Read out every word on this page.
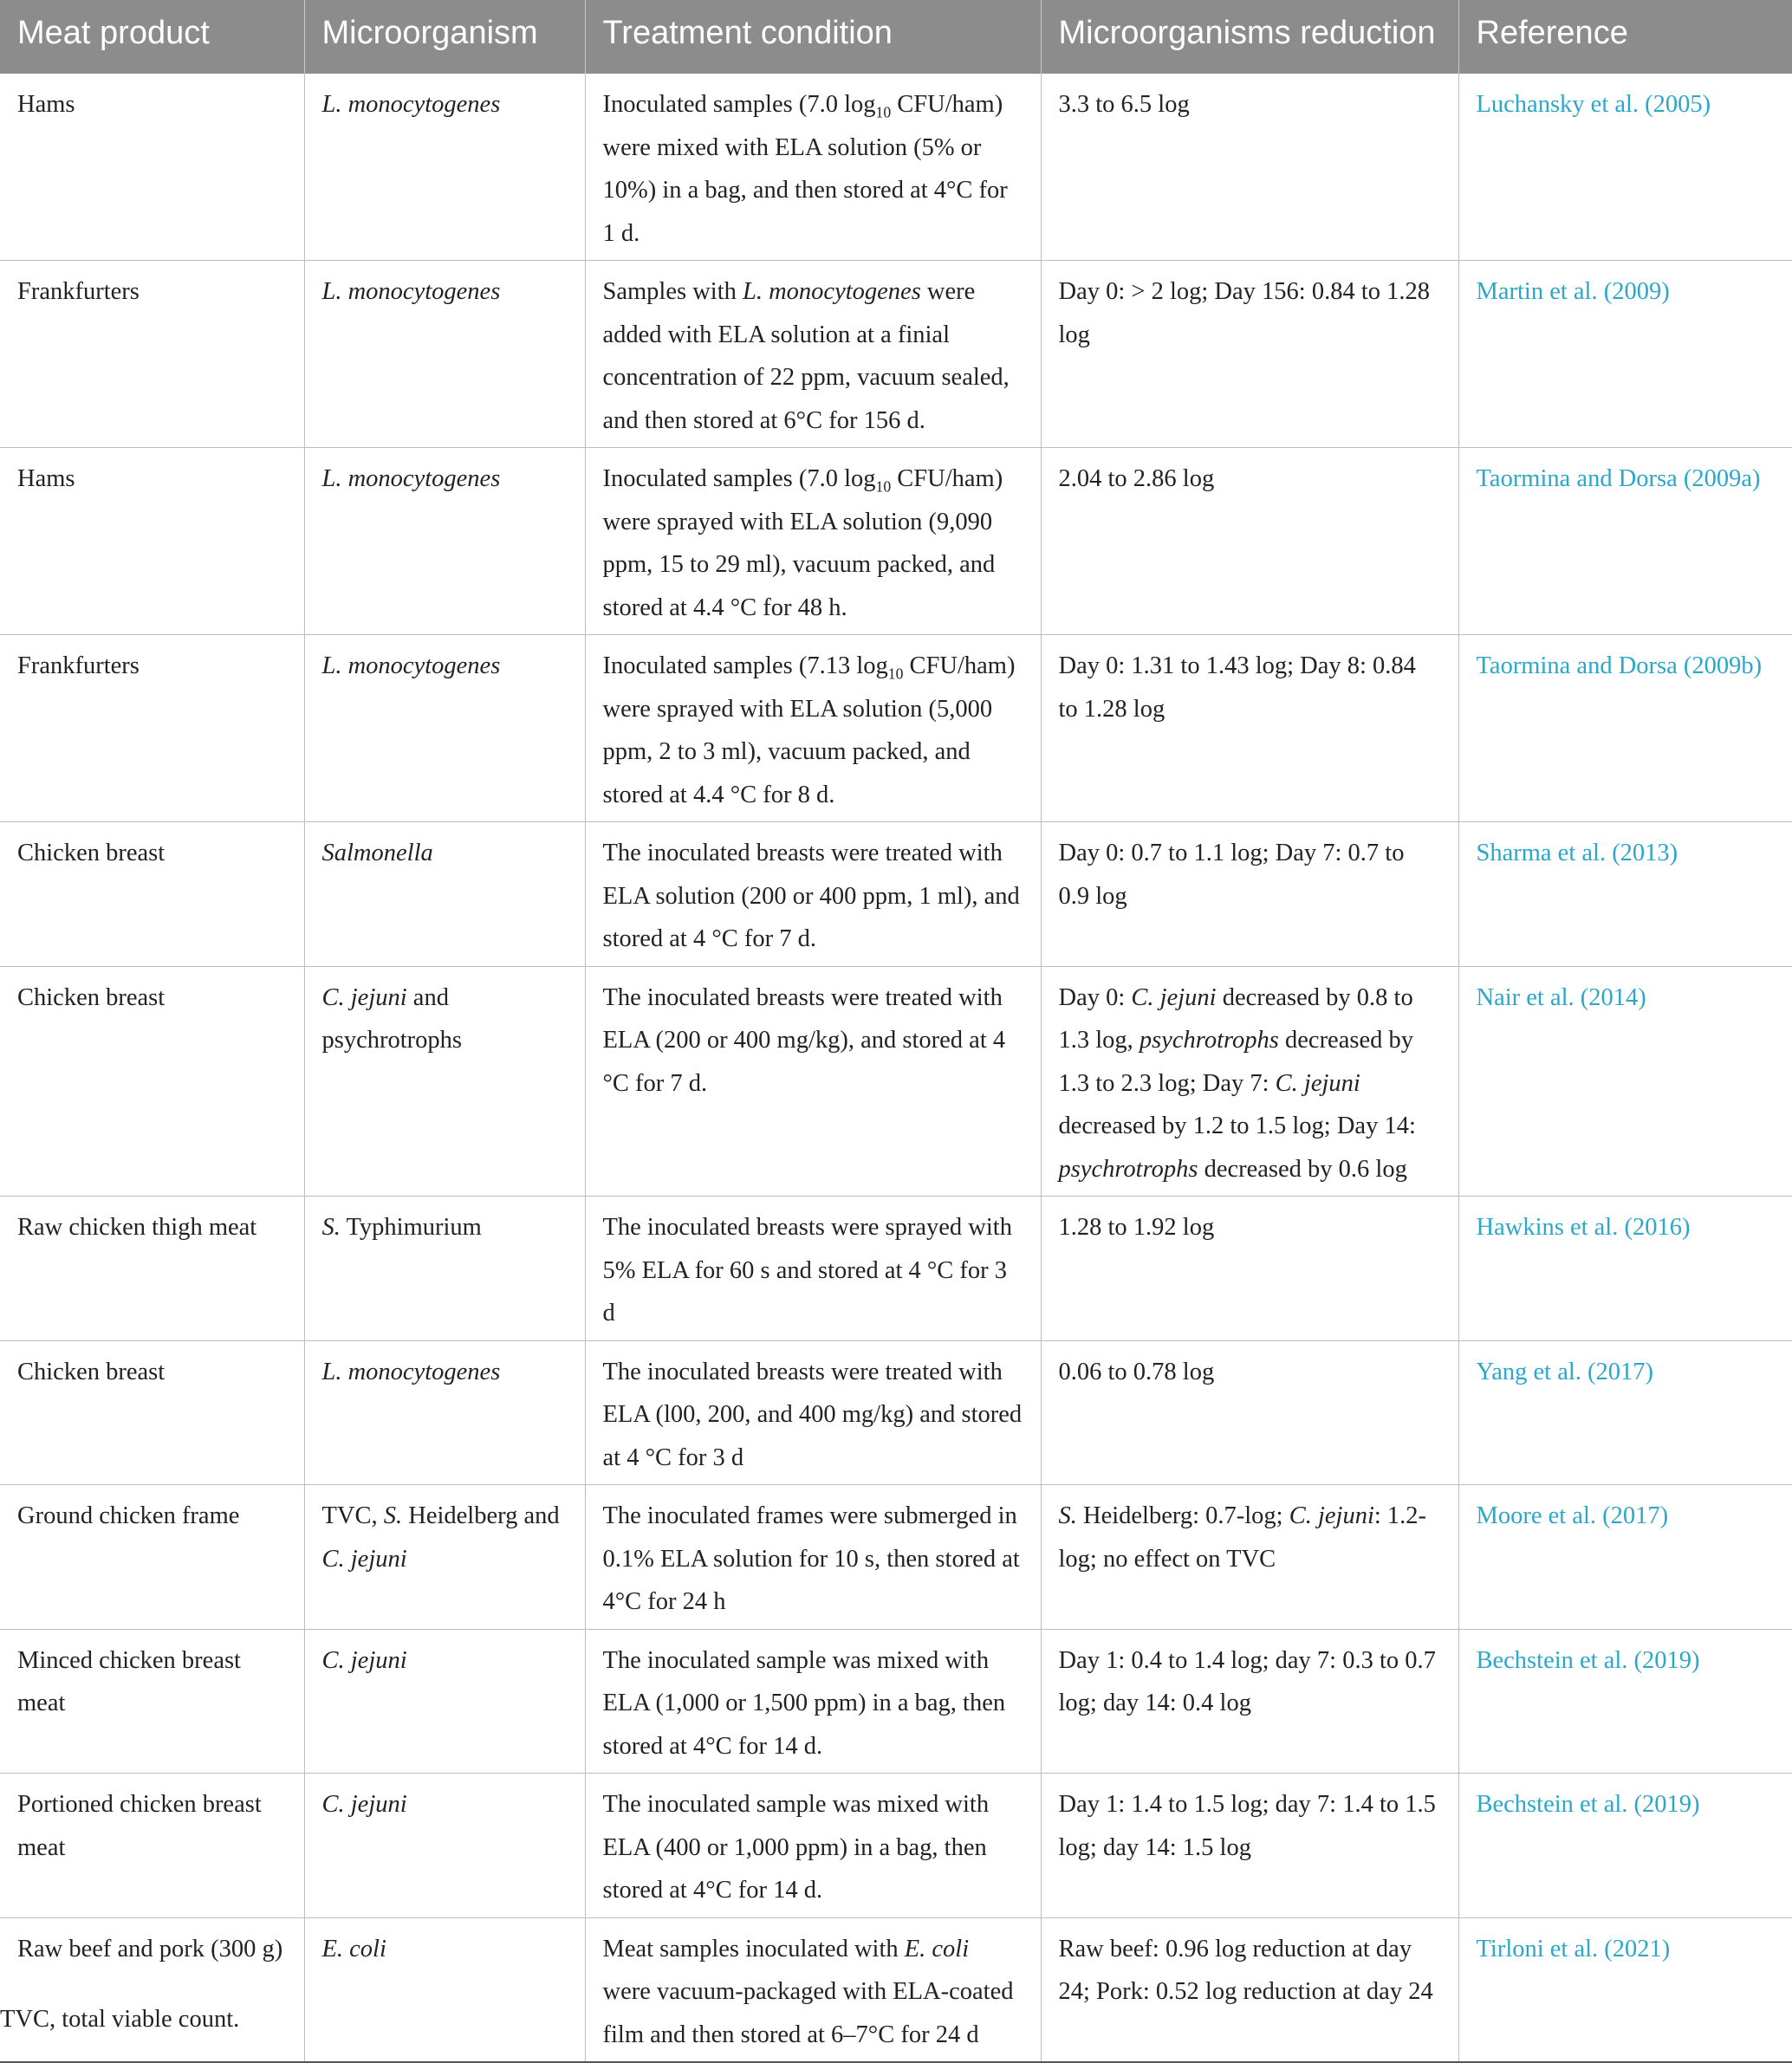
Meat product	Microorganism	Treatment condition	Microorganisms reduction	Reference
Hams	L. monocytogenes	Inoculated samples (7.0 $\log_{10} CFU/ham$) were mixed with ELA solution (5% or 10%) in a bag, and then stored at 4°C for 1 d.	3.3 to 6.5 log	Luchansky et al. (2005)
Frankfurters	L. monocytogenes	Samples with L. monocytogenes were added with ELA solution at a finial concentration of 22 ppm, vacuum sealed, and then stored at 6°C for 156 d.	Day 0: > 2 log; Day 156: 0.84 to 1.28 log	Martin et al. (2009)
Hams	L. monocytogenes	Inoculated samples (7.0 $\log_{10} CFU/ham$) were sprayed with ELA solution (9,090 ppm, 15 to 29 ml), vacuum packed, and stored at 4.4 °C for 48 h.	2.04 to 2.86 log	Taormina and Dorsa (2009a)
Frankfurters	L. monocytogenes	Inoculated samples (7.13 $\log_{10} CFU/ham$) were sprayed with ELA solution (5,000 ppm, 2 to 3 ml), vacuum packed, and stored at 4.4 °C for 8 d.	Day 0: 1.31 to 1.43 log; Day 8: 0.84 to 1.28 log	Taormina and Dorsa (2009b)
Chicken breast	Salmonella	The inoculated breasts were treated with ELA solution (200 or 400 ppm, 1 ml), and stored at 4 °C for 7 d.	Day 0: 0.7 to 1.1 log; Day 7: 0.7 to 0.9 log	Sharma et al. (2013)
Chicken breast	C. jejuni and psychrotrophs	The inoculated breasts were treated with ELA (200 or 400 mg/kg), and stored at 4 °C for 7 d.	Day 0: C. jejuni decreased by 0.8 to 1.3 log, psychrotrophs decreased by 1.3 to 2.3 log; Day 7: C. jejuni decreased by 1.2 to 1.5 log; Day 14: psychrotrophs decreased by 0.6 log	Nair et al. (2014)
Raw chicken thigh meat	S. Typhimurium	The inoculated breasts were sprayed with 5% ELA for 60 s and stored at 4 °C for 3 d	1.28 to 1.92 log	Hawkins et al. (2016)
Chicken breast	L. monocytogenes	The inoculated breasts were treated with ELA (l00, 200, and 400 mg/kg) and stored at 4 °C for 3 d	0.06 to 0.78 log	Yang et al. (2017)
Ground chicken frame	TVC, S. Heidelberg and C. jejuni	The inoculated frames were submerged in 0.1% ELA solution for 10 s, then stored at 4°C for 24 h	S. Heidelberg: 0.7-log; C. jejuni: 1.2-log; no effect on TVC	Moore et al. (2017)
Minced chicken breast meat	C. jejuni	The inoculated sample was mixed with ELA (1,000 or 1,500 ppm) in a bag, then stored at 4°C for 14 d.	Day 1: 0.4 to 1.4 log; day 7: 0.3 to 0.7 log; day 14: 0.4 log	Bechstein et al. (2019)
Portioned chicken breast meat	C. jejuni	The inoculated sample was mixed with ELA (400 or 1,000 ppm) in a bag, then stored at 4°C for 14 d.	Day 1: 1.4 to 1.5 log; day 7: 1.4 to 1.5 log; day 14: 1.5 log	Bechstein et al. (2019)
Raw beef and pork (300 g)	E. coli	Meat samples inoculated with E. coli were vacuum-packaged with ELA-coated film and then stored at 6–7°C for 24 d	Raw beef: 0.96 log reduction at day 24; Pork: 0.52 log reduction at day 24	Tirloni et al. (2021)
TVC, total viable count.
